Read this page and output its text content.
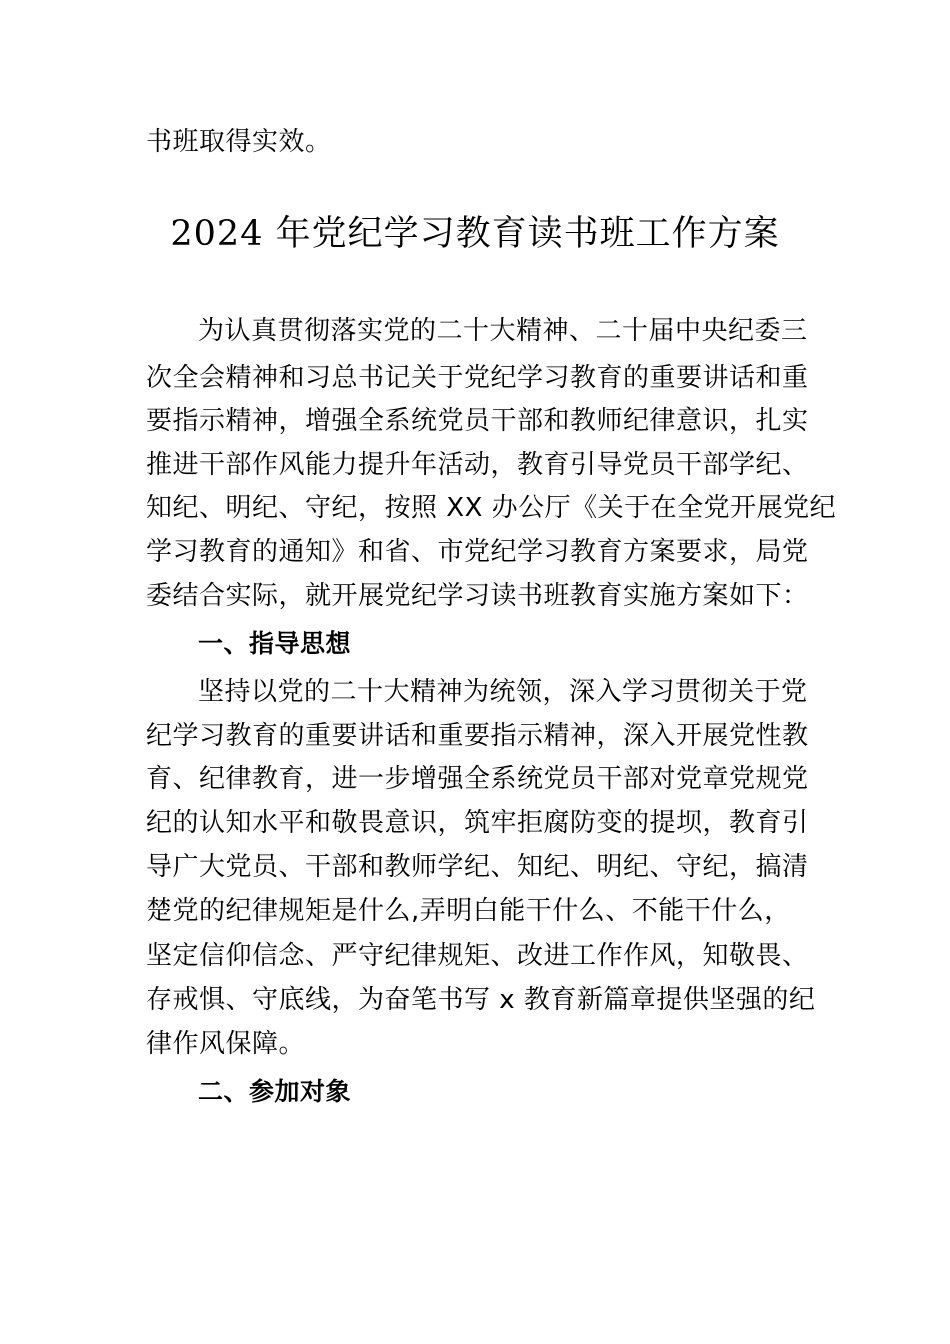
书班取得实效。
2024 年党纪学习教育读书班工作方案
为认真贯彻落实党的二十大精神、二十届中央纪委三
次全会精神和习总书记关于党纪学习教育的重要讲话和重
要指示精神，增强全系统党员干部和教师纪律意识，扎实
推进干部作风能力提升年活动，教育引导党员干部学纪、
知纪、明纪、守纪，按照 XX 办公厅《关于在全党开展党纪
学习教育的通知》和省、市党纪学习教育方案要求，局党
委结合实际，就开展党纪学习读书班教育实施方案如下：
一、指导思想
坚持以党的二十大精神为统领，深入学习贯彻关于党
纪学习教育的重要讲话和重要指示精神，深入开展党性教
育、纪律教育，进一步增强全系统党员干部对党章党规党
纪的认知水平和敬畏意识，筑牢拒腐防变的提坝，教育引
导广大党员、干部和教师学纪、知纪、明纪、守纪，搞清
楚党的纪律规矩是什么,弄明白能干什么、不能干什么，
坚定信仰信念、严守纪律规矩、改进工作作风，知敬畏、
存戒惧、守底线，为奋笔书写 x 教育新篇章提供坚强的纪
律作风保障。
二、参加对象
